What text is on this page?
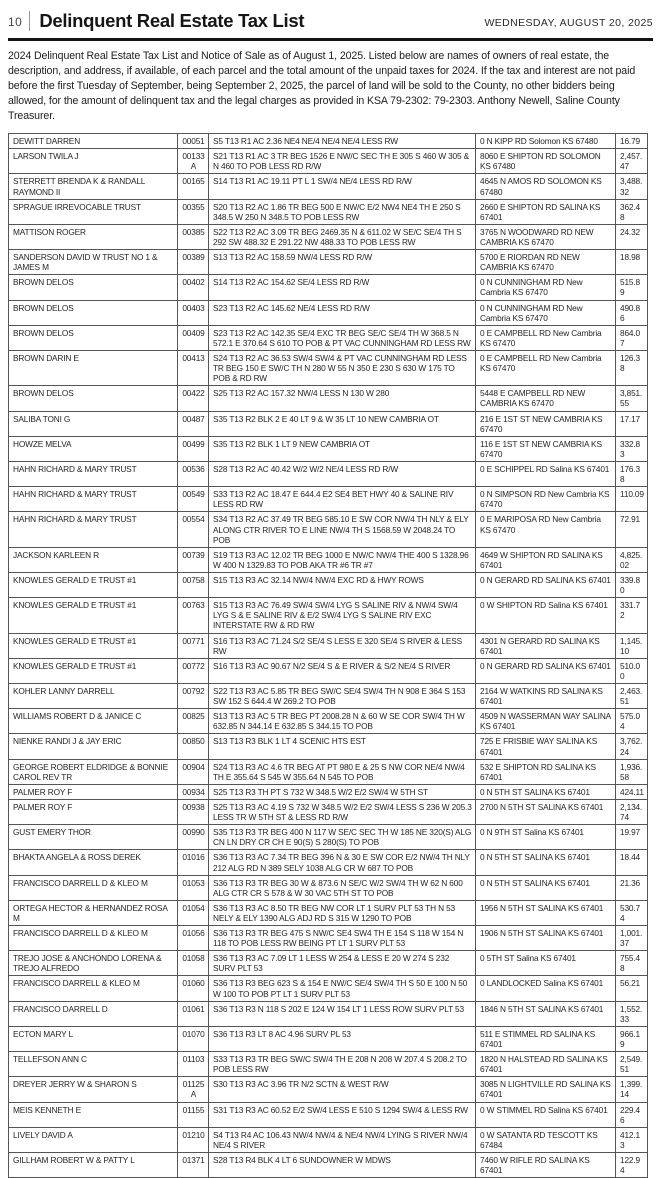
10 Delinquent Real Estate Tax List	WEDNESDAY, AUGUST 20, 2025

2024 Delinquent Real Estate Tax List and Notice of Sale as of August 1, 2025. Listed below are names of owners of real estate, the description, and address, if available, of each parcel and the total amount of the unpaid taxes for 2024. If the tax and interest are not paid before the first Tuesday of September, being September 2, 2025, the parcel of land will be sold to the County, no other bidders being allowed, for the amount of delinquent tax and the legal charges as provided in KSA 79-2302: 79-2303. Anthony Newell, Saline County Treasurer.

DEWITT DARREN	00051	S5 T13 R1 AC 2.36 NE4 NE/4 NE/4 NE/4 LESS RW	0 N KIPP RD Solomon KS 67480	16.79
LARSON TWILA J	00133A	S21 T13 R1 AC 3 TR BEG 1526 E NW/C SEC TH E 305 S 460 W 305 & N 460 TO POB LESS RD R/W	8060 E SHIPTON RD SOLOMON KS 67480	2,457.47
STERRETT BRENDA K & RANDALL RAYMOND II	00165	S14 T13 R1 AC 19.11 PT L 1 SW/4 NE/4 LESS RD R/W	4645 N AMOS RD SOLOMON KS 67480	3,488.32
SPRAGUE IRREVOCABLE TRUST	00355	S20 T13 R2 AC 1.86 TR BEG 500 E NW/C E/2 NW4 NE4 TH E 250 S 348.5 W 250 N 348.5 TO POB LESS RW	2660 E SHIPTON RD SALINA KS 67401	362.48
MATTISON ROGER	00385	S22 T13 R2 AC 3.09 TR BEG 2469.35 N & 611.02 W SE/C SE/4 TH S 292 SW 488.32 E 291.22 NW 488.33 TO POB LESS RW	3765 N WOODWARD RD NEW CAMBRIA KS 67470	24.32
SANDERSON DAVID W TRUST NO 1 & JAMES M	00389	S13 T13 R2 AC 158.59 NW/4 LESS RD R/W	5700 E RIORDAN RD NEW CAMBRIA KS 67470	18.98
BROWN DELOS	00402	S14 T13 R2 AC 154.62 SE/4 LESS RD R/W	0 N CUNNINGHAM RD New Cambria KS 67470	515.89
BROWN DELOS	00403	S23 T13 R2 AC 145.62 NE/4 LESS RD R/W	0 N CUNNINGHAM RD New Cambria KS 67470	490.86
BROWN DELOS	00409	S23 T13 R2 AC 142.35 SE/4 EXC TR BEG SE/C SE/4 TH W 368.5 N 572.1 E 370.64 S 610 TO POB & PT VAC CUNNINGHAM RD LESS RW	0 E CAMPBELL RD New Cambria KS 67470	864.07
BROWN DARIN E	00413	S24 T13 R2 AC 36.53 SW/4 SW/4 & PT VAC CUNNINGHAM RD LESS TR BEG 150 E SW/C TH N 280 W 55 N 350 E 230 S 630 W 175 TO POB & RD RW	0 E CAMPBELL RD New Cambria KS 67470	126.38
BROWN DELOS	00422	S25 T13 R2 AC 157.32 NW/4 LESS N 130 W 280	5448 E CAMPBELL RD NEW CAMBRIA KS 67470	3,851.55
SALIBA TONI G	00487	S35 T13 R2 BLK 2 E 40 LT 9 & W 35 LT 10 NEW CAMBRIA OT	216 E 1ST ST NEW CAMBRIA KS 67470	17.17
HOWZE MELVA	00499	S35 T13 R2 BLK 1 LT 9 NEW CAMBRIA OT	116 E 1ST ST NEW CAMBRIA KS 67470	332.83
HAHN RICHARD & MARY TRUST	00536	S28 T13 R2 AC 40.42 W/2 W/2 NE/4 LESS RD R/W	0 E SCHIPPEL RD Salina KS 67401	176.38
HAHN RICHARD & MARY TRUST	00549	S33 T13 R2 AC 18.47 E 644.4 E2 SE4 BET HWY 40 & SALINE RIV LESS RD RW	0 N SIMPSON RD New Cambria KS 67470	110.09
HAHN RICHARD & MARY TRUST	00554	S34 T13 R2 AC 37.49 TR BEG 585.10 E SW COR NW/4 TH NLY & ELY ALONG CTR RIVER TO E LINE NW/4 TH S 1568.59 W 2048.24 TO POB	0 E MARIPOSA RD New Cambria KS 67470	72.91
JACKSON KARLEEN R	00739	S19 T13 R3 AC 12.02 TR BEG 1000 E NW/C NW/4 THE 400 S 1328.96 W 400 N 1329.83 TO POB AKA TR #6 TR #7	4649 W SHIPTON RD SALINA KS 67401	4,825.02
KNOWLES GERALD E TRUST #1	00758	S15 T13 R3 AC 32.14 NW/4 NW/4 EXC RD & HWY ROWS	0 N GERARD RD SALINA KS 67401	339.80
KNOWLES GERALD E TRUST #1	00763	S15 T13 R3 AC 76.49 SW/4 SW/4 LYG S SALINE RIV & NW/4 SW/4 LYG S & E SALINE RIV & E/2 SW/4 LYG S SALINE RIV EXC INTERSTATE RW & RD RW	0 W SHIPTON RD Salina KS 67401	331.72
KNOWLES GERALD E TRUST #1	00771	S16 T13 R3 AC 71.24 S/2 SE/4 S LESS E 320 SE/4 S RIVER & LESS RW	4301 N GERARD RD SALINA KS 67401	1,145.10
KNOWLES GERALD E TRUST #1	00772	S16 T13 R3 AC 90.67 N/2 SE/4 S & E RIVER & S/2 NE/4 S RIVER	0 N GERARD RD SALINA KS 67401	510.00
KOHLER LANNY DARRELL	00792	S22 T13 R3 AC 5.85 TR BEG SW/C SE/4 SW/4 TH N 908 E 364 S 153 SW 152 S 644.4 W 269.2 TO POB	2164 W WATKINS RD SALINA KS 67401	2,463.51
WILLIAMS ROBERT D & JANICE C	00825	S13 T13 R3 AC 5 TR BEG PT 2008.28 N & 60 W SE COR SW/4 TH W 632.85 N 344.14 E 632.85 S 344.15 TO POB	4509 N WASSERMAN WAY SALINA KS 67401	575.04
NIENKE RANDI J & JAY ERIC	00850	S13 T13 R3 BLK 1 LT 4 SCENIC HTS EST	725 E FRISBIE WAY SALINA KS 67401	3,762.24
GEORGE ROBERT ELDRIDGE & BONNIE CAROL REV TR	00904	S24 T13 R3 AC 4.6 TR BEG AT PT 980 E & 25 S NW COR NE/4 NW/4 TH E 355.64 S 545 W 355.64 N 545 TO POB	532 E SHIPTON RD SALINA KS 67401	1,936.58
PALMER ROY F	00934	S25 T13 R3 TH PT S 732 W 348.5 W/2 E/2 SW/4 W 5TH ST	0 N 5TH ST SALINA KS 67401	424.11
PALMER ROY F	00938	S25 T13 R3 AC 4.19 S 732 W 348.5 W/2 E/2 SW/4 LESS S 236 W 205.3 LESS TR W 5TH ST & LESS RD R/W	2700 N 5TH ST SALINA KS 67401	2,134.74
GUST EMERY THOR	00990	S35 T13 R3 TR BEG 400 N 117 W SE/C SEC TH W 185 NE 320(S) ALG CN LN DRY CR CH E 90(S) S 280(S) TO POB	0 N 9TH ST Salina KS 67401	19.97
BHAKTA ANGELA & ROSS DEREK	01016	S36 T13 R3 AC 7.34 TR BEG 396 N & 30 E SW COR E/2 NW/4 TH NLY 212 ALG RD N 389 SELY 1038 ALG CR W 687 TO POB	0 N 5TH ST SALINA KS 67401	18.44
FRANCISCO DARRELL D & KLEO M	01053	S36 T13 R3 TR BEG 30 W & 873.6 N SE/C W/2 SW/4 TH W 62 N 600 ALG CTR CR S 578 & W 30 VAC 5TH ST TO POB	0 N 5TH ST SALINA KS 67401	21.36
ORTEGA HECTOR & HERNANDEZ ROSA M	01054	S36 T13 R3 AC 8.50 TR BEG NW COR LT 1 SURV PLT 53 TH N 53 NELY & ELY 1390 ALG ADJ RD S 315 W 1290 TO POB	1956 N 5TH ST SALINA KS 67401	530.74
FRANCISCO DARRELL D & KLEO M	01056	S36 T13 R3 TR BEG 475 S NW/C SE4 SW4 TH E 154 S 118 W 154 N 118 TO POB LESS RW BEING PT LT 1 SURV PLT 53	1906 N 5TH ST SALINA KS 67401	1,001.37
TREJO JOSE & ANCHONDO LORENA & TREJO ALFREDO	01058	S36 T13 R3 AC 7.09 LT 1 LESS W 254 & LESS E 20 W 274 S 232 SURV PLT 53	0 5TH ST Salina KS 67401	755.48
FRANCISCO DARRELL & KLEO M	01060	S36 T13 R3 BEG 623 S & 154 E NW/C SE/4 SW/4 TH S 50 E 100 N 50 W 100 TO POB PT LT 1 SURV PLT 53	0 LANDLOCKED Salina KS 67401	56.21
FRANCISCO DARRELL D	01061	S36 T13 R3 N 118 S 202 E 124 W 154 LT 1 LESS ROW SURV PLT 53	1846 N 5TH ST SALINA KS 67401	1,552.33
ECTON MARY L	01070	S36 T13 R3 LT 8 AC 4.96 SURV PL 53	511 E STIMMEL RD SALINA KS 67401	966.19
TELLEFSON ANN C	01103	S33 T13 R3 TR BEG SW/C SW/4 TH E 208 N 208 W 207.4 S 208.2 TO POB LESS RW	1820 N HALSTEAD RD SALINA KS 67401	2,549.51
DREYER JERRY W & SHARON S	01125A	S30 T13 R3 AC 3.96 TR N/2 SCTN & WEST R/W	3085 N LIGHTVILLE RD SALINA KS 67401	1,399.14
MEIS KENNETH E	01155	S31 T13 R3 AC 60.52 E/2 SW/4 LESS E 510 S 1294 SW/4 & LESS RW	0 W STIMMEL RD Salina KS 67401	229.46
LIVELY DAVID A	01210	S4 T13 R4 AC 106.43 NW/4 NW/4 & NE/4 NW/4 LYING S RIVER NW/4 NE/4 S RIVER	0 W SATANTA RD TESCOTT KS 67484	412.13
GILLHAM ROBERT W & PATTY L	01371	S28 T13 R4 BLK 4 LT 6 SUNDOWNER W MDWS	7460 W RIFLE RD SALINA KS 67401	122.94
